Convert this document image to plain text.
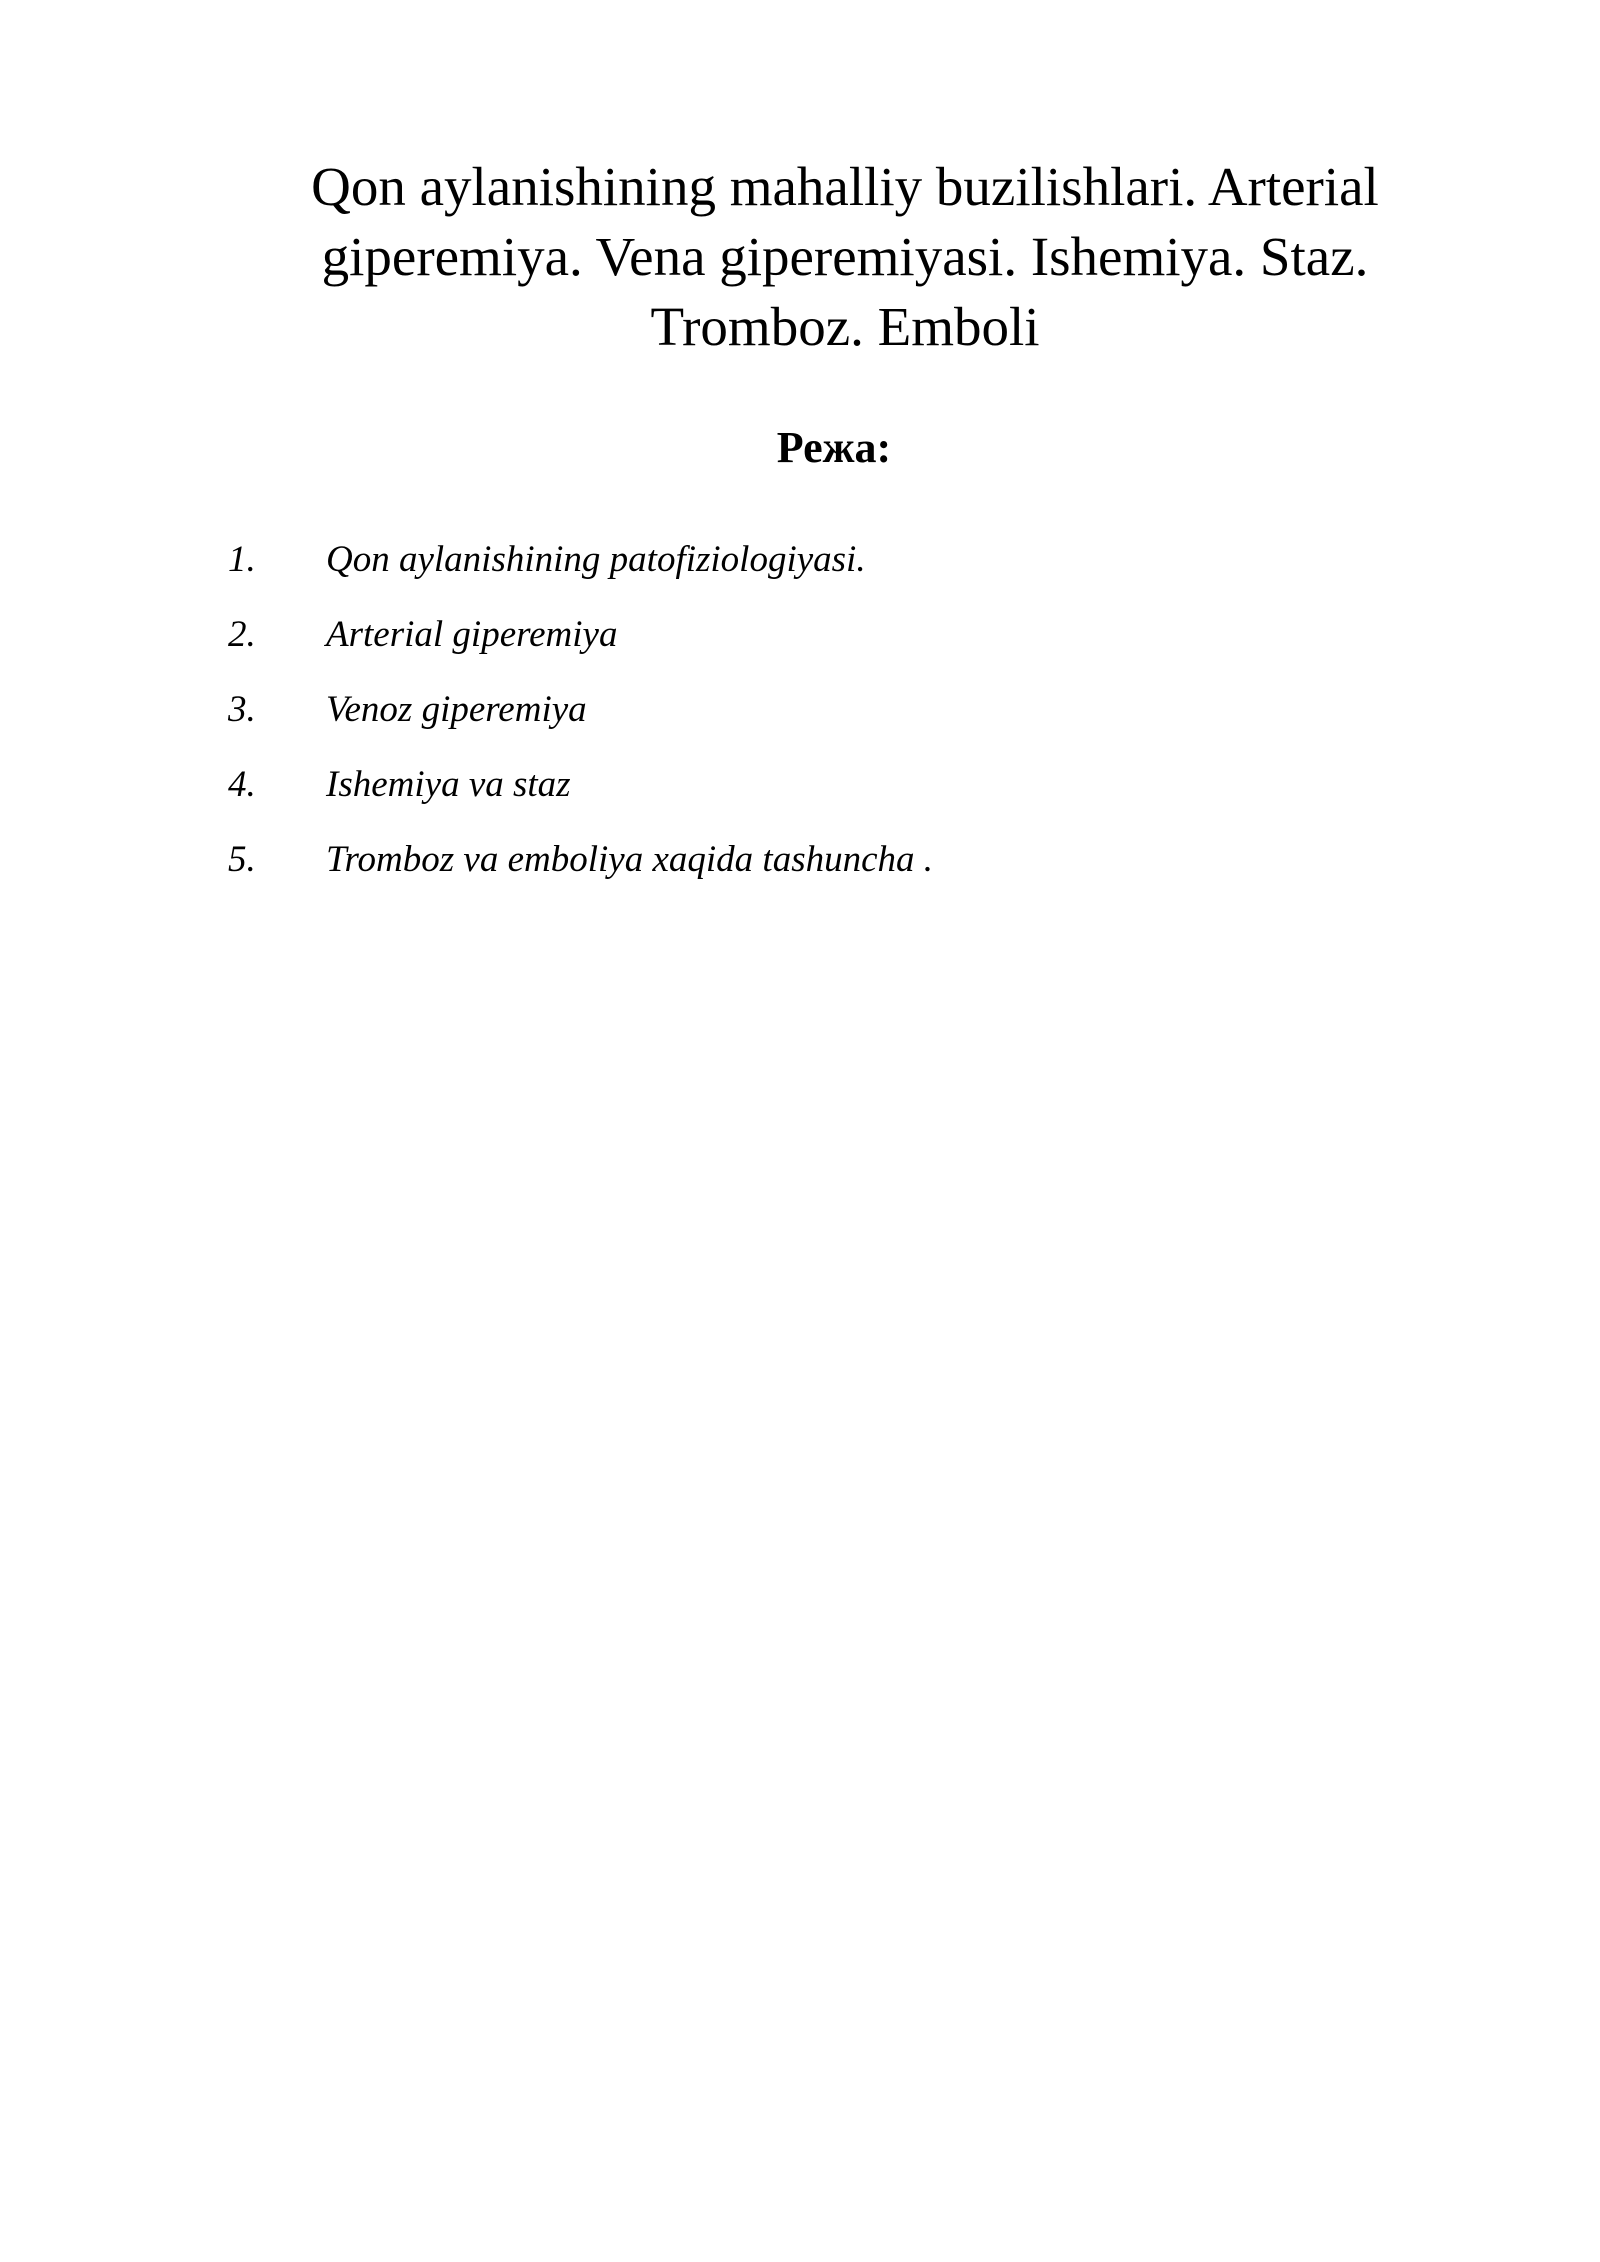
Qon aylanishining mahalliy buzilishlari. Arterial
giperemiya. Vena giperemiyasi. Ishemiya. Staz.
Tromboz. Emboli
Режа:
1.	Qon aylanishining patofiziologiyasi.
2.	Arterial giperemiya
3.	Venoz giperemiya
4.	Ishemiya va staz
5.	Tromboz va emboliya xaqida tashuncha .
